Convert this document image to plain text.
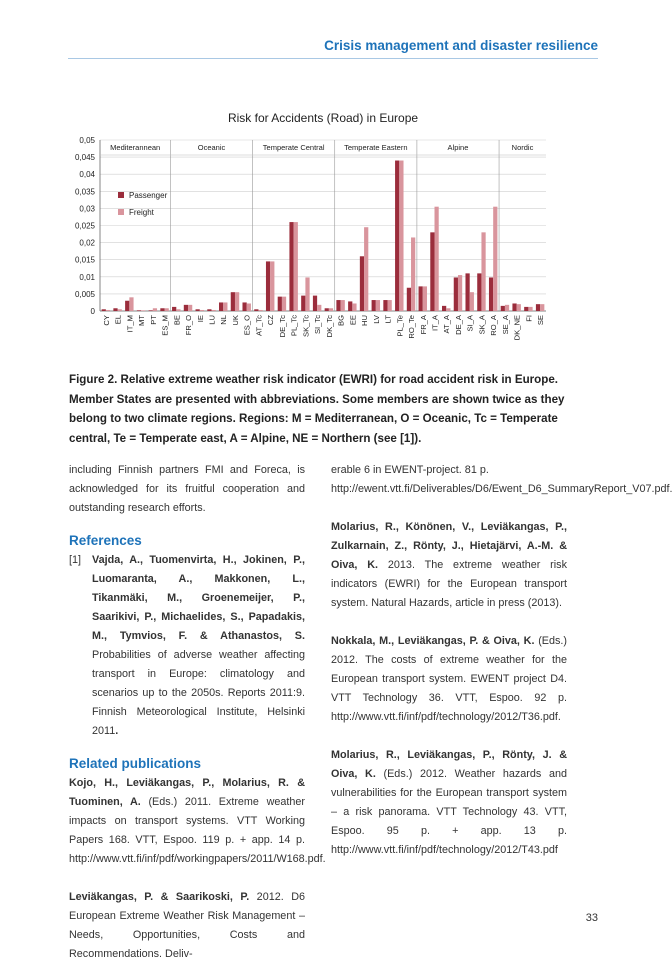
Crisis management and disaster resilience
Risk for Accidents (Road) in Europe
0
0,005
0,01
0,015
0,02
0,025
0,03
0,035
0,04
0,045
0,05
Mediterannean	Oceanic	Temperate Central	Temperate Eastern	Alpine	Nordic
CY EL IT_M MT PT ES_M BE FR_O IE LU NL UK ES_O AT_Tc CZ DE_Tc PL_Tc SK_Tc SI_Tc DK_Tc BG EE HU LV LT PL_Te RO_Te FR_A IT_A AT_A DE_A SI_A SK_A RO_A SE_A DK_NE FI SE
Passenger
Freight
Figure 2. Relative extreme weather risk indicator (EWRI) for road accident risk in Europe. Member States are presented with abbreviations. Some members are shown twice as they belong to two climate regions. Regions: M = Mediterranean, O = Oceanic, Tc = Temperate central, Te = Temperate east, A = Alpine, NE = Northern (see [1]).

including Finnish partners FMI and Foreca, is acknowledged for its fruitful cooperation and outstanding research efforts.

References

[1]	Vajda, A., Tuomenvirta, H., Jokinen, P., Luomaranta, A., Makkonen, L., Tikanmäki, M., Groenemeijer, P., Saarikivi, P., Michaelides, S., Papadakis, M., Tymvios, F. & Athanastos, S. Probabilities of adverse weather affecting transport in Europe: climatology and scenarios up to the 2050s. Reports 2011:9. Finnish Meteorological Institute, Helsinki 2011.

Related publications

Kojo, H., Leviäkangas, P., Molarius, R. & Tuominen, A. (Eds.) 2011. Extreme weather impacts on transport systems. VTT Working Papers 168. VTT, Espoo. 119 p. + app. 14 p. http://www.vtt.fi/inf/pdf/workingpapers/2011/W168.pdf.

Leviäkangas, P. & Saarikoski, P. 2012. D6 European Extreme Weather Risk Management – Needs, Opportunities, Costs and Recommendations. Deliv-

erable 6 in EWENT-project. 81 p. http://ewent.vtt.fi/Deliverables/D6/Ewent_D6_SummaryReport_V07.pdf.

Molarius, R., Könönen, V., Leviäkangas, P., Zulkarnain, Z., Rönty, J., Hietajärvi, A.-M. & Oiva, K. 2013. The extreme weather risk indicators (EWRI) for the European transport system. Natural Hazards, article in press (2013).

Nokkala, M., Leviäkangas, P. & Oiva, K. (Eds.) 2012. The costs of extreme weather for the European transport system. EWENT project D4. VTT Technology 36. VTT, Espoo. 92 p. http://www.vtt.fi/inf/pdf/technology/2012/T36.pdf.

Molarius, R., Leviäkangas, P., Rönty, J. & Oiva, K. (Eds.) 2012. Weather hazards and vulnerabilities for the European transport system – a risk panorama. VTT Technology 43. VTT, Espoo. 95 p. + app. 13 p. http://www.vtt.fi/inf/pdf/technology/2012/T43.pdf

33
